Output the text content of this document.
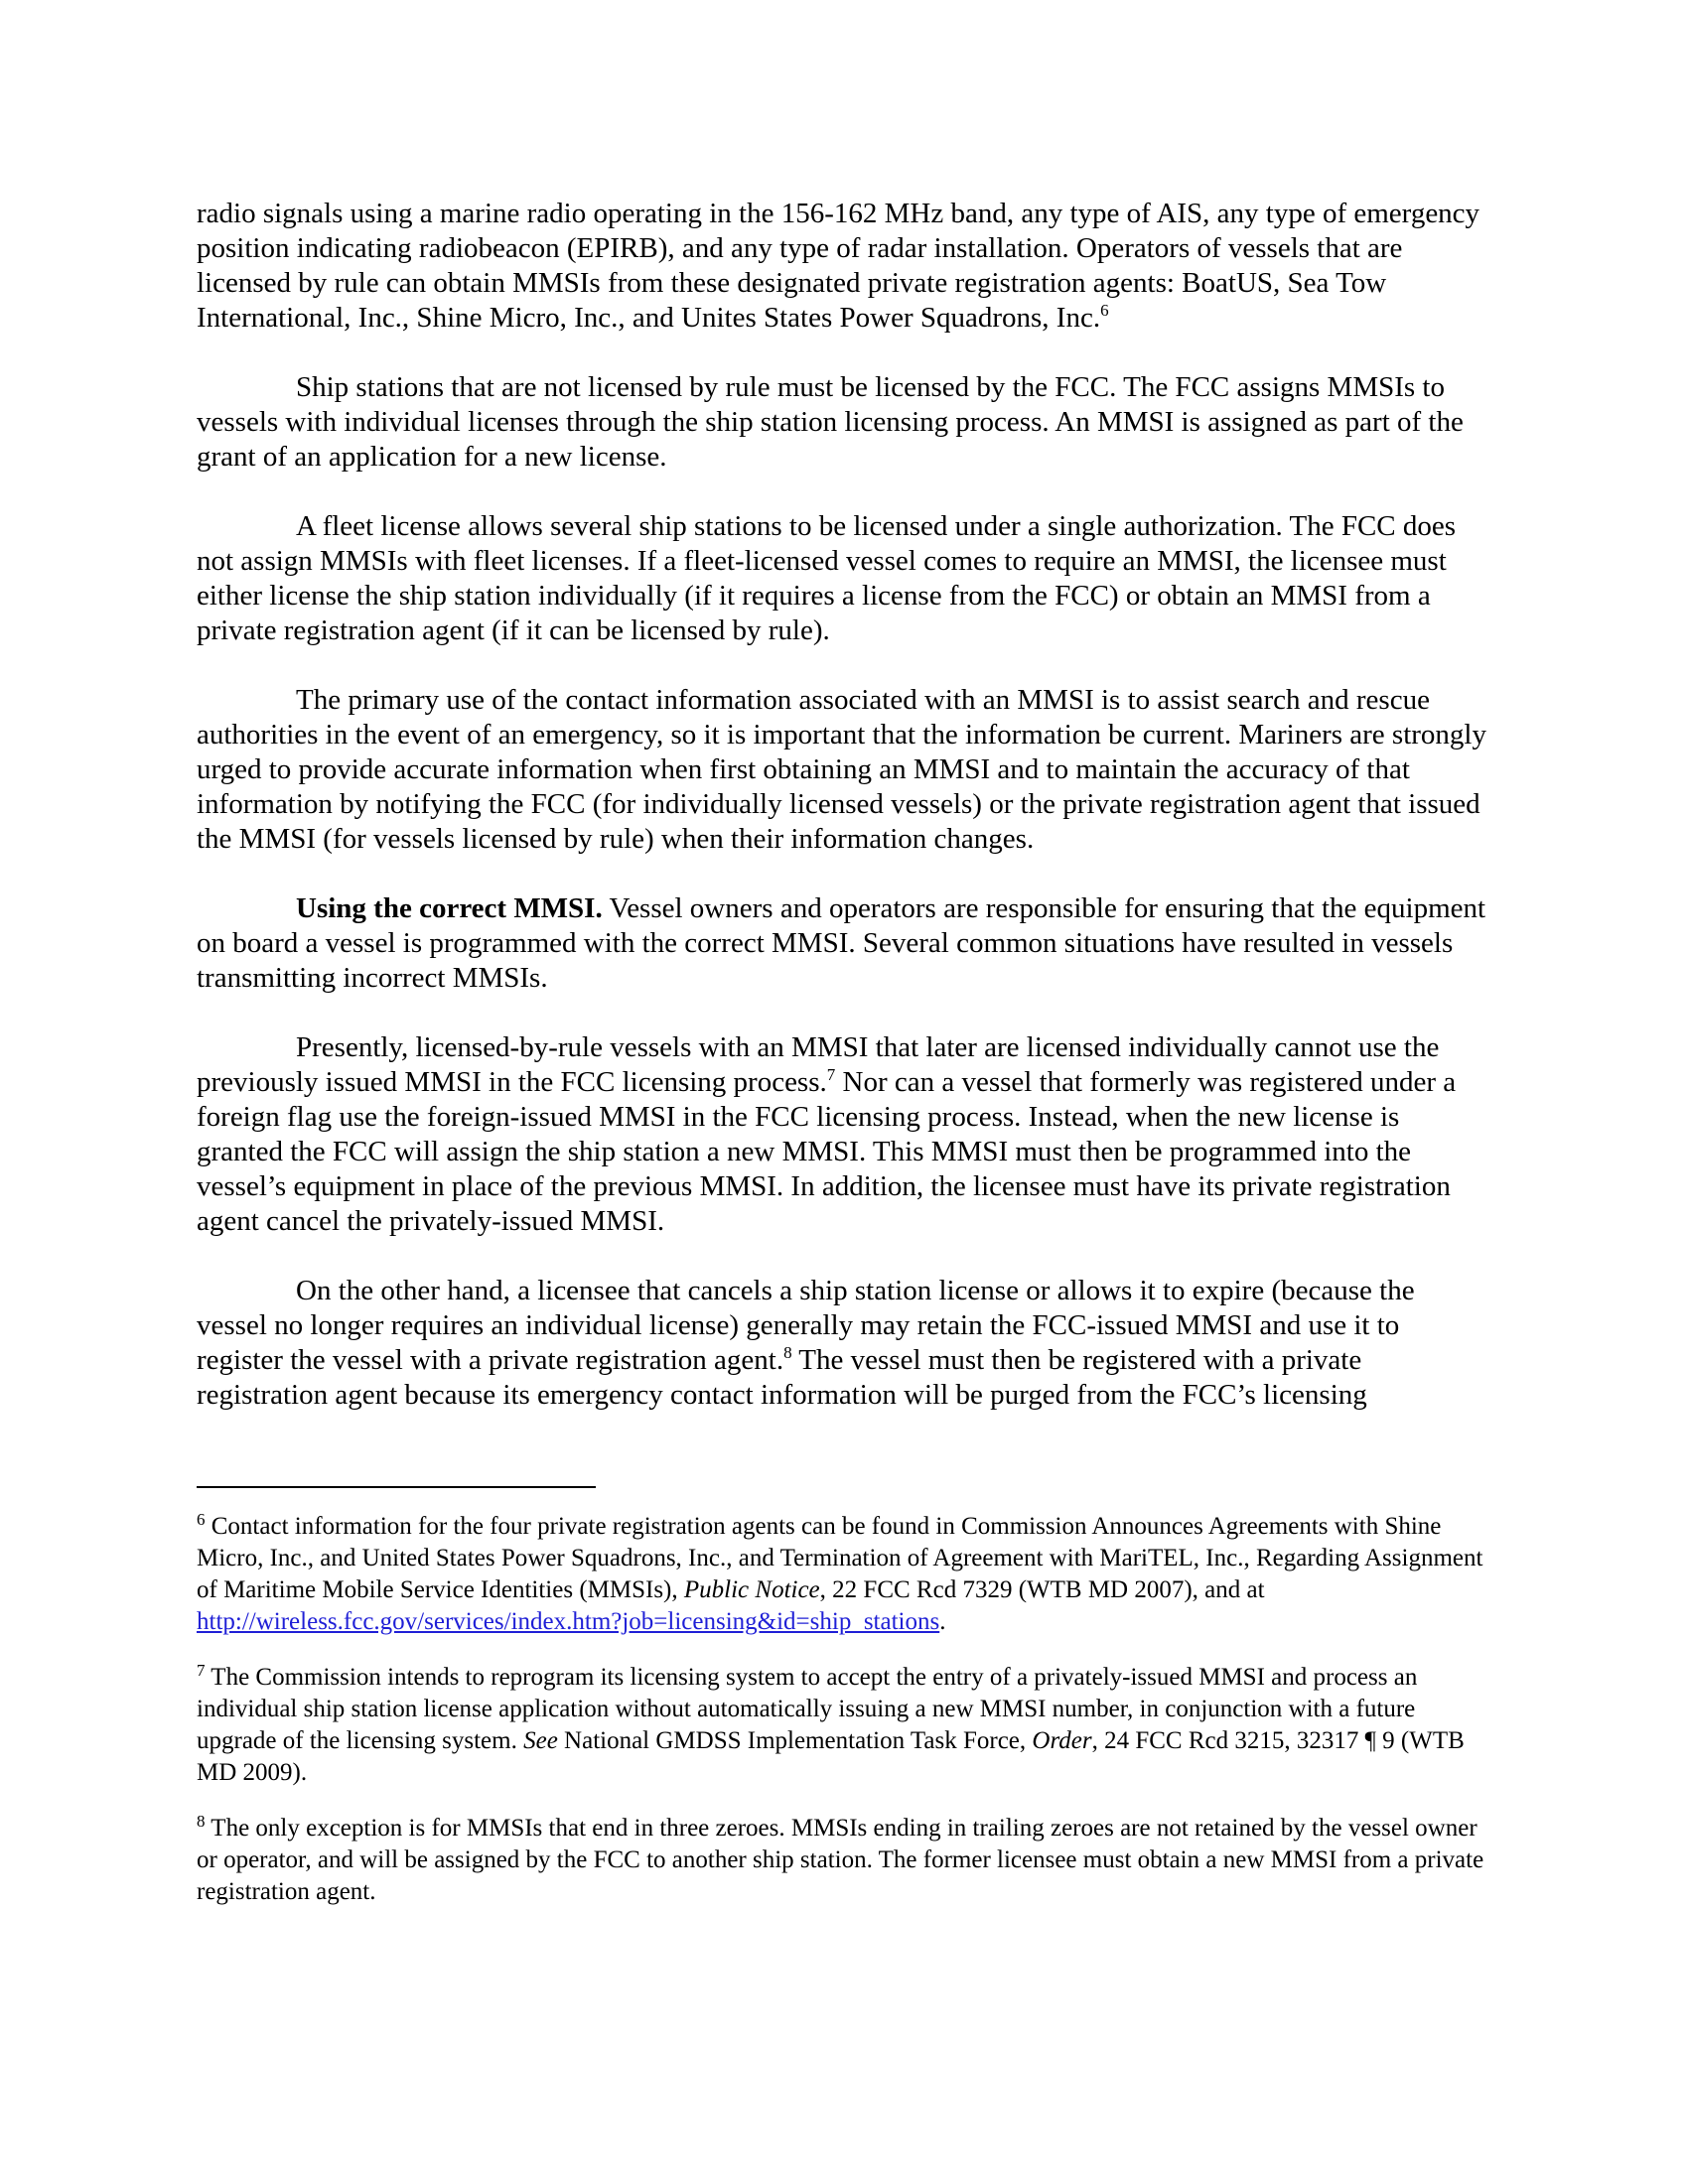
radio signals using a marine radio operating in the 156-162 MHz band, any type of AIS, any type of emergency position indicating radiobeacon (EPIRB), and any type of radar installation. Operators of vessels that are licensed by rule can obtain MMSIs from these designated private registration agents: BoatUS, Sea Tow International, Inc., Shine Micro, Inc., and Unites States Power Squadrons, Inc.$^6$

Ship stations that are not licensed by rule must be licensed by the FCC. The FCC assigns MMSIs to vessels with individual licenses through the ship station licensing process. An MMSI is assigned as part of the grant of an application for a new license.

A fleet license allows several ship stations to be licensed under a single authorization. The FCC does not assign MMSIs with fleet licenses. If a fleet-licensed vessel comes to require an MMSI, the licensee must either license the ship station individually (if it requires a license from the FCC) or obtain an MMSI from a private registration agent (if it can be licensed by rule).

The primary use of the contact information associated with an MMSI is to assist search and rescue authorities in the event of an emergency, so it is important that the information be current. Mariners are strongly urged to provide accurate information when first obtaining an MMSI and to maintain the accuracy of that information by notifying the FCC (for individually licensed vessels) or the private registration agent that issued the MMSI (for vessels licensed by rule) when their information changes.

Using the correct MMSI. Vessel owners and operators are responsible for ensuring that the equipment on board a vessel is programmed with the correct MMSI. Several common situations have resulted in vessels transmitting incorrect MMSIs.

Presently, licensed-by-rule vessels with an MMSI that later are licensed individually cannot use the previously issued MMSI in the FCC licensing process.$^7$ Nor can a vessel that formerly was registered under a foreign flag use the foreign-issued MMSI in the FCC licensing process. Instead, when the new license is granted the FCC will assign the ship station a new MMSI. This MMSI must then be programmed into the vessel’s equipment in place of the previous MMSI. In addition, the licensee must have its private registration agent cancel the privately-issued MMSI.

On the other hand, a licensee that cancels a ship station license or allows it to expire (because the vessel no longer requires an individual license) generally may retain the FCC-issued MMSI and use it to register the vessel with a private registration agent.$^8$ The vessel must then be registered with a private registration agent because its emergency contact information will be purged from the FCC’s licensing

$^6$ Contact information for the four private registration agents can be found in Commission Announces Agreements with Shine Micro, Inc., and United States Power Squadrons, Inc., and Termination of Agreement with MariTEL, Inc., Regarding Assignment of Maritime Mobile Service Identities (MMSIs), Public Notice, 22 FCC Rcd 7329 (WTB MD 2007), and at http://wireless.fcc.gov/services/index.htm?job=licensing&id=ship_stations.

$^7$ The Commission intends to reprogram its licensing system to accept the entry of a privately-issued MMSI and process an individual ship station license application without automatically issuing a new MMSI number, in conjunction with a future upgrade of the licensing system. See National GMDSS Implementation Task Force, Order, 24 FCC Rcd 3215, 32317 ¶ 9 (WTB MD 2009).

$^8$ The only exception is for MMSIs that end in three zeroes. MMSIs ending in trailing zeroes are not retained by the vessel owner or operator, and will be assigned by the FCC to another ship station. The former licensee must obtain a new MMSI from a private registration agent.
